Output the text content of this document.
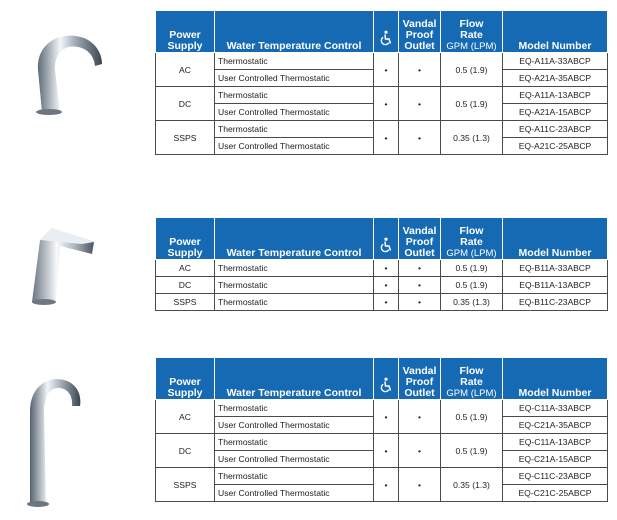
Power
Supply	Water Temperature Control		Vandal
Proof
Outlet	Flow
Rate
GPM (LPM)	Model Number
AC	Thermostatic	•	•	0.5 (1.9)	EQ-A11A-33ABCP
	User Controlled Thermostatic				EQ-A21A-35ABCP
DC	Thermostatic	•	•	0.5 (1.9)	EQ-A11A-13ABCP
	User Controlled Thermostatic				EQ-A21A-15ABCP
SSPS	Thermostatic	•	•	0.35 (1.3)	EQ-A11C-23ABCP
	User Controlled Thermostatic				EQ-A21C-25ABCP
Power
Supply	Water Temperature Control		Vandal
Proof
Outlet	Flow
Rate
GPM (LPM)	Model Number
AC	Thermostatic	•	•	0.5 (1.9)	EQ-B11A-33ABCP
DC	Thermostatic	•	•	0.5 (1.9)	EQ-B11A-13ABCP
SSPS	Thermostatic	•	•	0.35 (1.3)	EQ-B11C-23ABCP
Power
Supply	Water Temperature Control		Vandal
Proof
Outlet	Flow
Rate
GPM (LPM)	Model Number
AC	Thermostatic	•	•	0.5 (1.9)	EQ-C11A-33ABCP
	User Controlled Thermostatic				EQ-C21A-35ABCP
DC	Thermostatic	•	•	0.5 (1.9)	EQ-C11A-13ABCP
	User Controlled Thermostatic				EQ-C21A-15ABCP
SSPS	Thermostatic	•	•	0.35 (1.3)	EQ-C11C-23ABCP
	User Controlled Thermostatic				EQ-C21C-25ABCP
